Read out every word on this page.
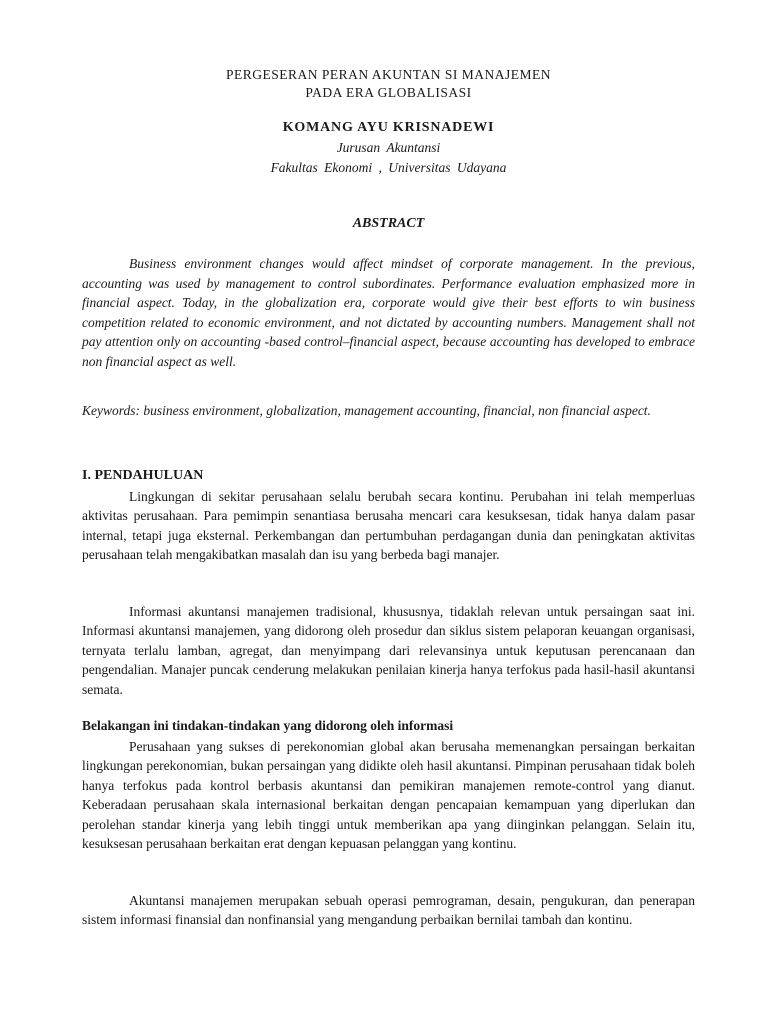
PERGESERAN PERAN AKUNTAN SI MANAJEMEN
PADA ERA GLOBALISASI
KOMANG AYU KRISNADEWI
Jurusan Akuntansi
Fakultas Ekonomi , Universitas Udayana
ABSTRACT

Business environment changes would affect mindset of corporate management. In the previous, accounting was used by management to control subordinates. Performance evaluation emphasized more in financial aspect. Today, in the globalization era, corporate would give their best efforts to win business competition related to economic environment, and not dictated by accounting numbers. Management shall not pay attention only on accounting -based control–financial aspect, because accounting has developed to embrace non financial aspect as well.

Keywords: business environment, globalization, management accounting, financial, non financial aspect.

I. PENDAHULUAN

Lingkungan di sekitar perusahaan selalu berubah secara kontinu. Perubahan ini telah memperluas aktivitas perusahaan. Para pemimpin senantiasa berusaha mencari cara kesuksesan, tidak hanya dalam pasar internal, tetapi juga eksternal. Perkembangan dan pertumbuhan perdagangan dunia dan peningkatan aktivitas perusahaan telah mengakibatkan masalah dan isu yang berbeda bagi manajer.

Informasi akuntansi manajemen tradisional, khususnya, tidaklah relevan untuk persaingan saat ini. Informasi akuntansi manajemen, yang didorong oleh prosedur dan siklus sistem pelaporan keuangan organisasi, ternyata terlalu lamban, agregat, dan menyimpang dari relevansinya untuk keputusan perencanaan dan pengendalian. Manajer puncak cenderung melakukan penilaian kinerja hanya terfokus pada hasil-hasil akuntansi semata.

Belakangan ini tindakan-tindakan yang didorong oleh informasi

Perusahaan yang sukses di perekonomian global akan berusaha memenangkan persaingan berkaitan lingkungan perekonomian, bukan persaingan yang didikte oleh hasil akuntansi. Pimpinan perusahaan tidak boleh hanya terfokus pada kontrol berbasis akuntansi dan pemikiran manajemen remote-control yang dianut. Keberadaan perusahaan skala internasional berkaitan dengan pencapaian kemampuan yang diperlukan dan perolehan standar kinerja yang lebih tinggi untuk memberikan apa yang diinginkan pelanggan. Selain itu, kesuksesan perusahaan berkaitan erat dengan kepuasan pelanggan yang kontinu.

Akuntansi manajemen merupakan sebuah operasi pemrograman, desain, pengukuran, dan penerapan sistem informasi finansial dan nonfinansial yang mengandung perbaikan bernilai tambah dan kontinu.
